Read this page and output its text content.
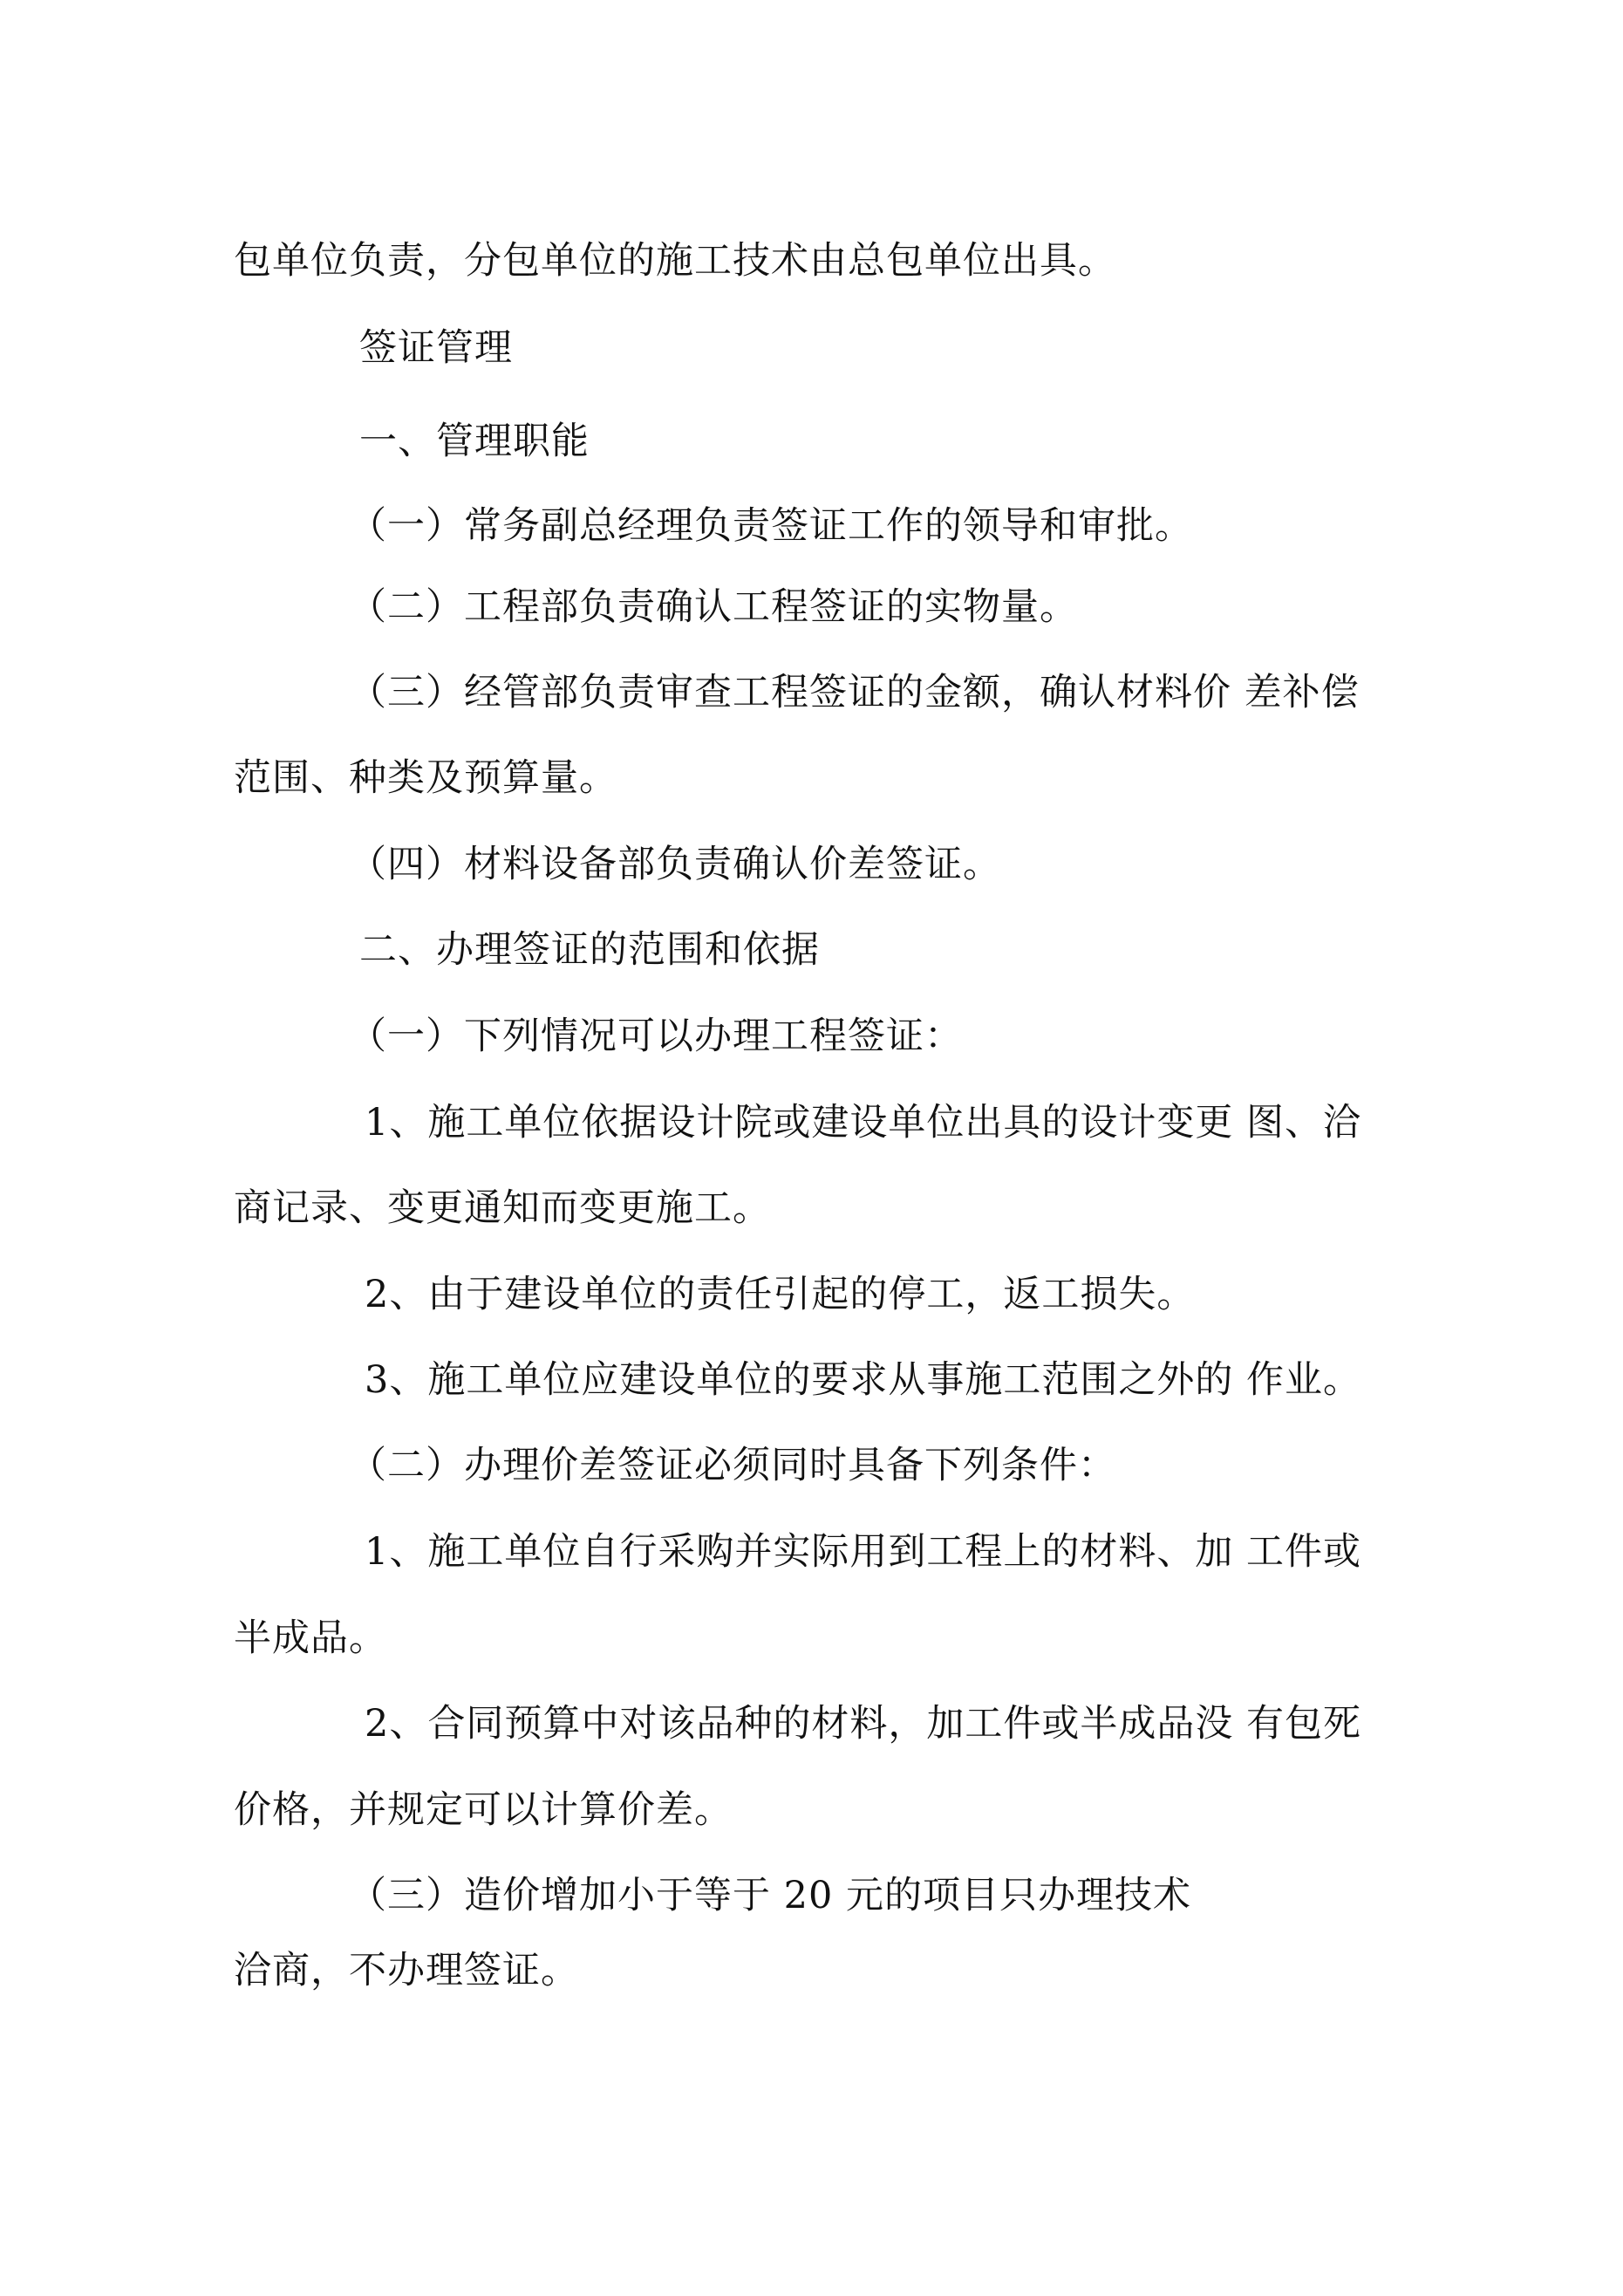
包单位负责，分包单位的施工技术由总包单位出具。
签证管理
一、管理职能
（一）常务副总经理负责签证工作的领导和审批。
（二）工程部负责确认工程签证的实物量。
（三）经管部负责审查工程签证的金额，确认材料价 差补偿
范围、种类及预算量。
（四）材料设备部负责确认价差签证。
二、办理签证的范围和依据
（一）下列情况可以办理工程签证：
1、施工单位依据设计院或建设单位出具的设计变更 图、洽
商记录、变更通知而变更施工。
2、由于建设单位的责任引起的停工，返工损失。
3、施工单位应建设单位的要求从事施工范围之外的 作业。
（二）办理价差签证必须同时具备下列条件：
1、施工单位自行采购并实际用到工程上的材料、加 工件或
半成品。
2、合同预算中对该品种的材料，加工件或半成品没 有包死
价格，并规定可以计算价差。
（三）造价增加小于等于 20 元的项目只办理技术
洽商，不办理签证。
